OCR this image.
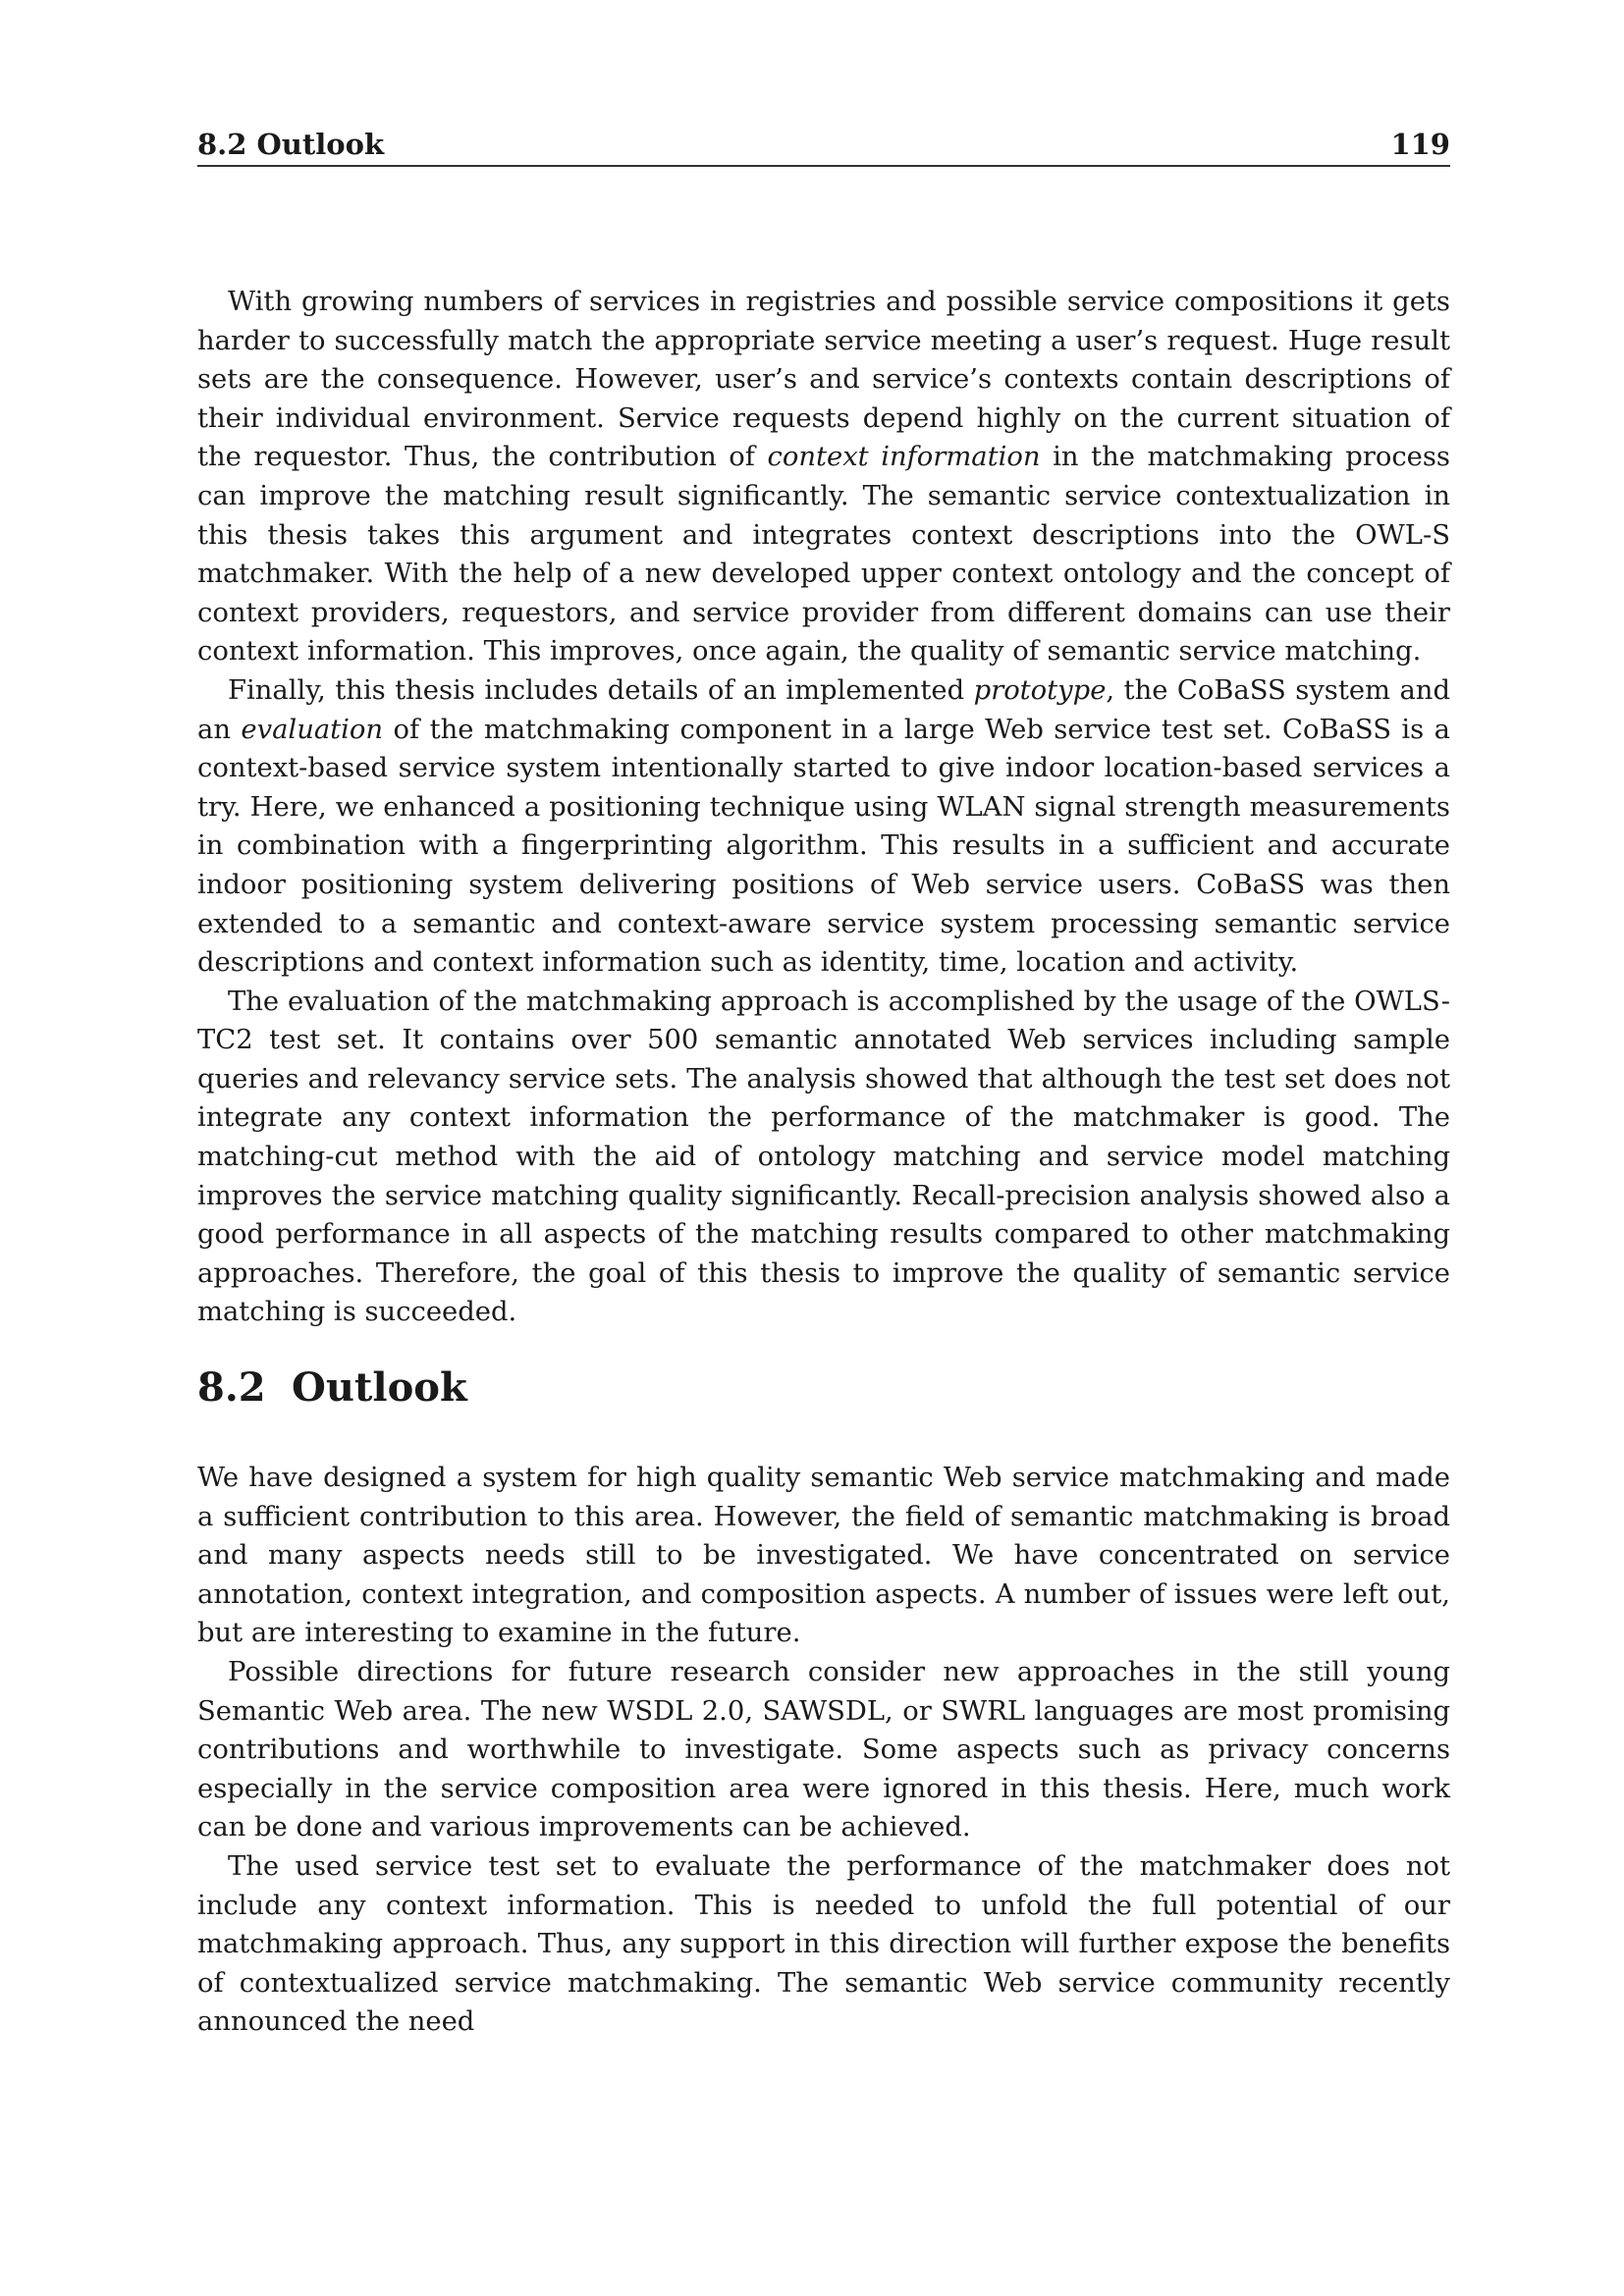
8.2 Outlook	119

With growing numbers of services in registries and possible service compositions it gets harder to successfully match the appropriate service meeting a user’s request. Huge result sets are the consequence. However, user’s and service’s contexts contain descriptions of their individual environment. Service requests depend highly on the current situation of the requestor. Thus, the contribution of context information in the matchmaking process can improve the matching result significantly. The semantic service contextualization in this thesis takes this argument and integrates context descriptions into the OWL-S matchmaker. With the help of a new developed upper context ontology and the concept of context providers, requestors, and service provider from different domains can use their context information. This improves, once again, the quality of semantic service matching.

Finally, this thesis includes details of an implemented prototype, the CoBaSS system and an evaluation of the matchmaking component in a large Web service test set. CoBaSS is a context-based service system intentionally started to give indoor location-based services a try. Here, we enhanced a positioning technique using WLAN signal strength measurements in combination with a fingerprinting algorithm. This results in a sufficient and accurate indoor positioning system delivering positions of Web service users. CoBaSS was then extended to a semantic and context-aware service system processing semantic service descriptions and context information such as identity, time, location and activity.

The evaluation of the matchmaking approach is accomplished by the usage of the OWLS-TC2 test set. It contains over 500 semantic annotated Web services including sample queries and relevancy service sets. The analysis showed that although the test set does not integrate any context information the performance of the matchmaker is good. The matching-cut method with the aid of ontology matching and service model matching improves the service matching quality significantly. Recall-precision analysis showed also a good performance in all aspects of the matching results compared to other matchmaking approaches. Therefore, the goal of this thesis to improve the quality of semantic service matching is succeeded.

8.2 Outlook

We have designed a system for high quality semantic Web service matchmaking and made a sufficient contribution to this area. However, the field of semantic matchmaking is broad and many aspects needs still to be investigated. We have concentrated on service annotation, context integration, and composition aspects. A number of issues were left out, but are interesting to examine in the future.

Possible directions for future research consider new approaches in the still young Semantic Web area. The new WSDL 2.0, SAWSDL, or SWRL languages are most promising contributions and worthwhile to investigate. Some aspects such as privacy concerns especially in the service composition area were ignored in this thesis. Here, much work can be done and various improvements can be achieved.

The used service test set to evaluate the performance of the matchmaker does not include any context information. This is needed to unfold the full potential of our matchmaking approach. Thus, any support in this direction will further expose the benefits of contextualized service matchmaking. The semantic Web service community recently announced the need
